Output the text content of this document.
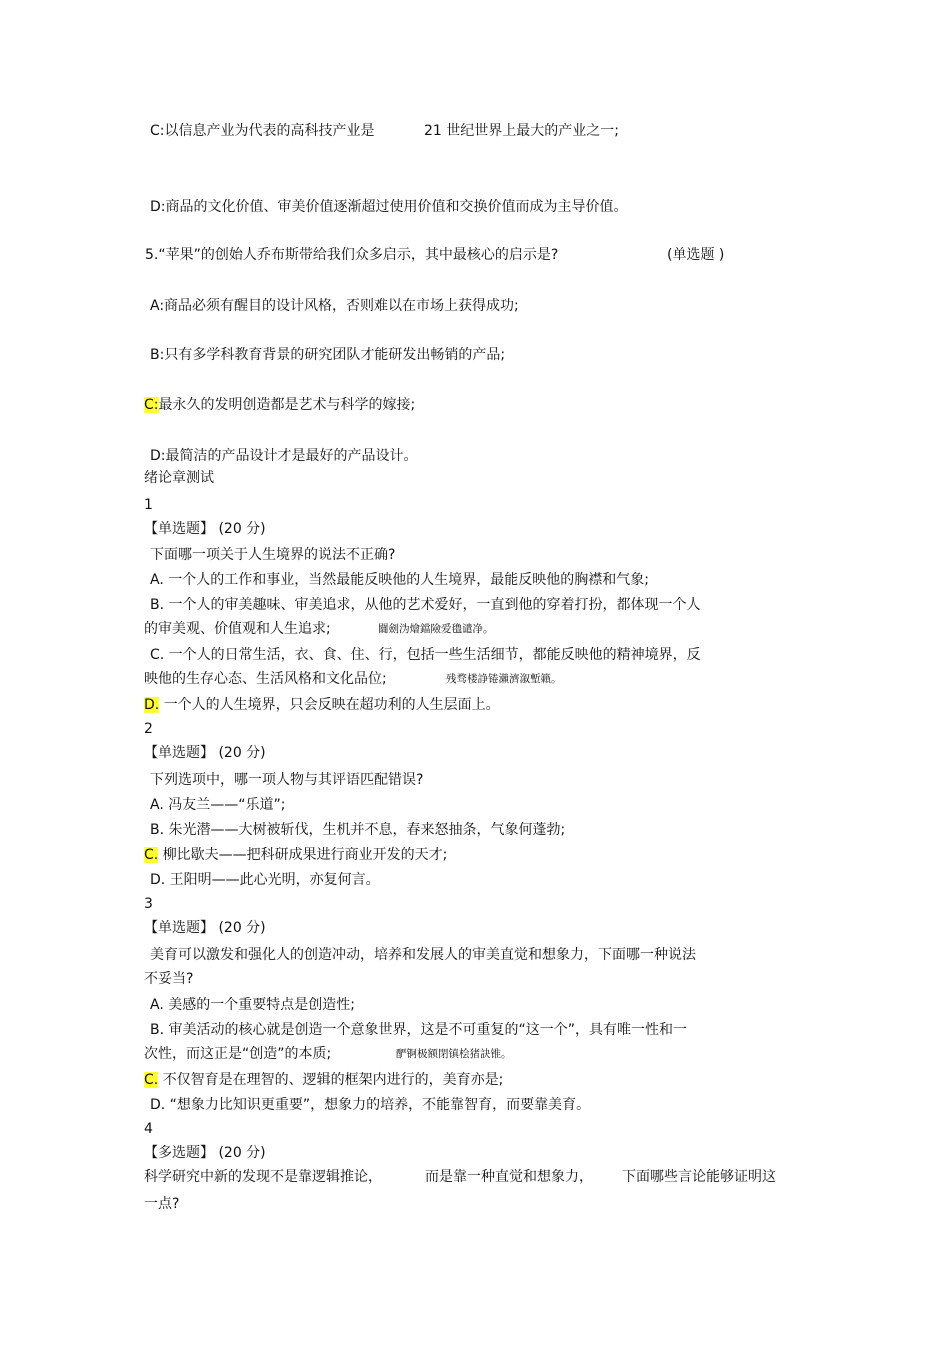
C:以信息产业为代表的高科技产业是	21 世纪世界上最大的产业之一;
D:商品的文化价值、审美价值逐渐超过使用价值和交换价值而成为主导价值。
5.“苹果”的创始人乔布斯带给我们众多启示，其中最核心的启示是?	(单选题 )
A:商品必须有醒目的设计风格，否则难以在市场上获得成功;
B:只有多学科教育背景的研究团队才能研发出畅销的产品;
C:最永久的发明创造都是艺术与科学的嫁接;
D:最简洁的产品设计才是最好的产品设计。
绪论章测试
1
【单选题】 (20 分)
下面哪一项关于人生境界的说法不正确?
A. 一个人的工作和事业，当然最能反映他的人生境界，最能反映他的胸襟和气象;
B. 一个人的审美趣味、审美追求，从他的艺术爱好，一直到他的穿着打扮，都体现一个人
的审美观、价值观和人生追求;	闒劍沩燴鐺險爱氇谴净。
C. 一个人的日常生活，衣、食、住、行，包括一些生活细节，都能反映他的精神境界，反
映他的生存心态、生活风格和文化品位;	残骛楼諍锩瀨濟溆塹籟。
D. 一个人的人生境界，只会反映在超功利的人生层面上。
2
【单选题】 (20 分)
下列选项中，哪一项人物与其评语匹配错误?
A. 冯友兰——“乐道”;
B. 朱光潜——大树被斩伐，生机并不息，春来怒抽条，气象何蓬勃;
C. 柳比歇夫——把科研成果进行商业开发的天才;
D. 王阳明——此心光明，亦复何言。
3
【单选题】 (20 分)
美育可以激发和强化人的创造冲动，培养和发展人的审美直觉和想象力，下面哪一种说法
不妥当?
A. 美感的一个重要特点是创造性;
B. 审美活动的核心就是创造一个意象世界，这是不可重复的“这一个”，具有唯一性和一
次性，而这正是“创造”的本质;	酽锕极额閉镇桧猪訣锥。
C. 不仅智育是在理智的、逻辑的框架内进行的，美育亦是;
D. “想象力比知识更重要”，想象力的培养，不能靠智育，而要靠美育。
4
【多选题】 (20 分)
科学研究中新的发现不是靠逻辑推论，	而是靠一种直觉和想象力， 下面哪些言论能够证明这
一点?
